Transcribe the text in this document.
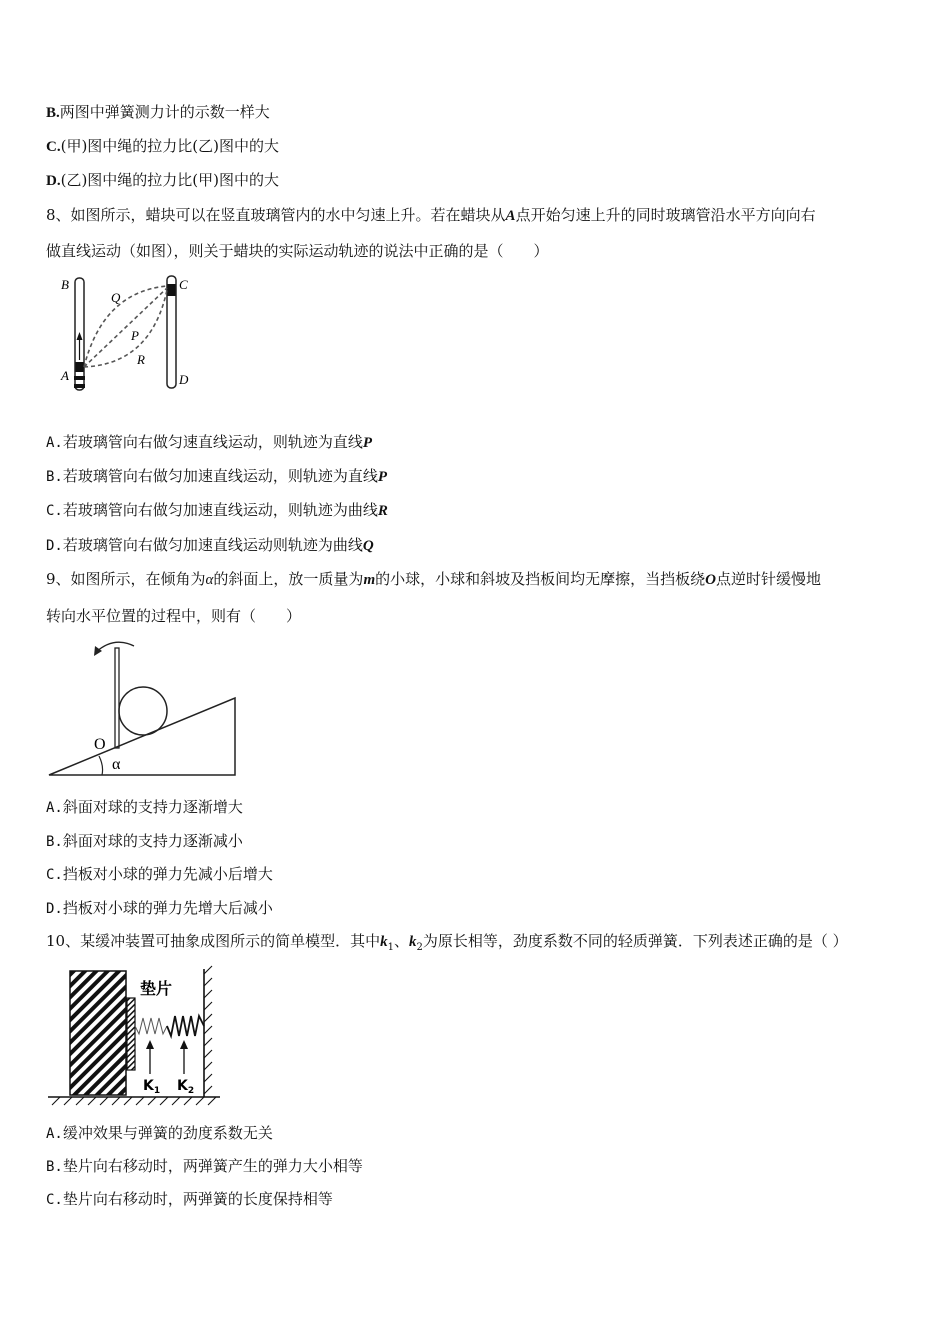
B.两图中弹簧测力计的示数一样大
C.(甲)图中绳的拉力比(乙)图中的大
D.(乙)图中绳的拉力比(甲)图中的大
8、如图所示，蜡块可以在竖直玻璃管内的水中匀速上升。若在蜡块从A点开始匀速上升的同时玻璃管沿水平方向向右
做直线运动（如图），则关于蜡块的实际运动轨迹的说法中正确的是（　　）
B	C
Q
P
R
A	D
A.若玻璃管向右做匀速直线运动，则轨迹为直线P
B.若玻璃管向右做匀加速直线运动，则轨迹为直线P
C.若玻璃管向右做匀加速直线运动，则轨迹为曲线R
D.若玻璃管向右做匀加速直线运动则轨迹为曲线Q
9、如图所示，在倾角为α的斜面上，放一质量为m的小球，小球和斜坡及挡板间均无摩擦，当挡板绕O点逆时针缓慢地
转向水平位置的过程中，则有（　　）
O
α
A.斜面对球的支持力逐渐增大
B.斜面对球的支持力逐渐减小
C.挡板对小球的弹力先减小后增大
D.挡板对小球的弹力先增大后减小
10、某缓冲装置可抽象成图所示的简单模型．其中$k_1$、$k_2$为原长相等，劲度系数不同的轻质弹簧．下列表述正确的是（ ）
垫片
$K_1$ $K_2$
A.缓冲效果与弹簧的劲度系数无关
B.垫片向右移动时，两弹簧产生的弹力大小相等
C.垫片向右移动时，两弹簧的长度保持相等
